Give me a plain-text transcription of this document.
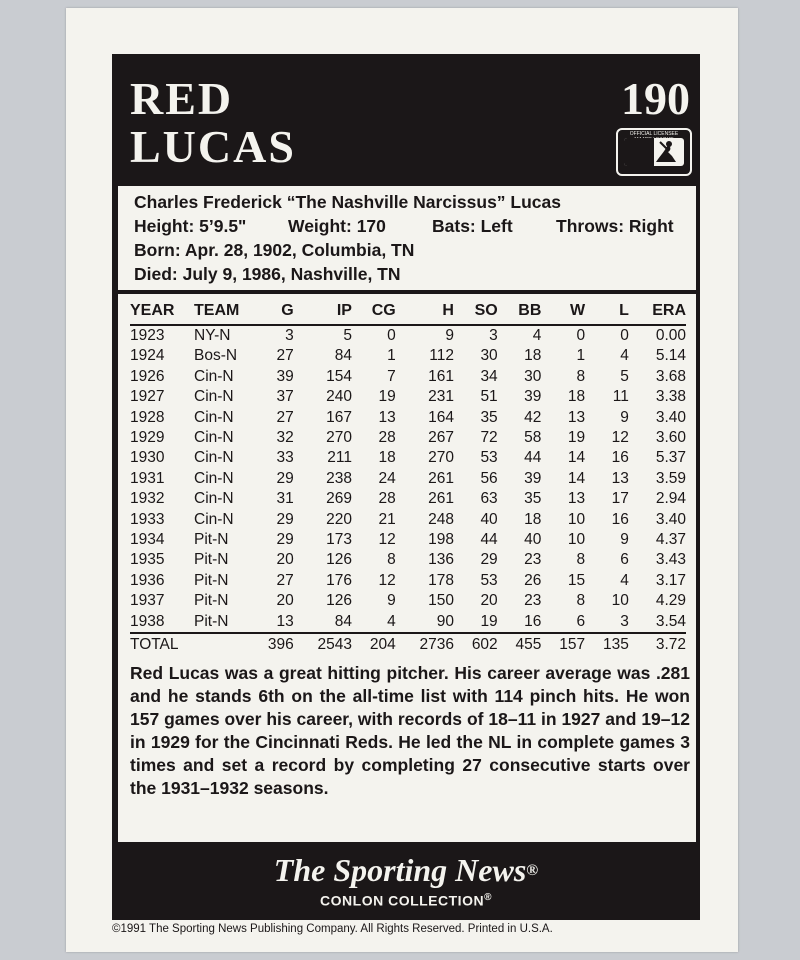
RED
LUCAS
190
OFFICIAL LICENSEE
Charles Frederick “The Nashville Narcissus” Lucas
Height: 5’9.5" Weight: 170	Bats: Left Throws: Right
Born: Apr. 28, 1902, Columbia, TN
Died: July 9, 1986, Nashville, TN
YEAR	TEAM	G	IP	CG	H	SO	BB	W	L	ERA
1923	NY-N	3	5	0	9	3	4	0	0	0.00
1924	Bos-N	27	84	1	112	30	18	1	4	5.14
1926	Cin-N	39	154	7	161	34	30	8	5	3.68
1927	Cin-N	37	240	19	231	51	39	18	11	3.38
1928	Cin-N	27	167	13	164	35	42	13	9	3.40
1929	Cin-N	32	270	28	267	72	58	19	12	3.60
1930	Cin-N	33	211	18	270	53	44	14	16	5.37
1931	Cin-N	29	238	24	261	56	39	14	13	3.59
1932	Cin-N	31	269	28	261	63	35	13	17	2.94
1933	Cin-N	29	220	21	248	40	18	10	16	3.40
1934	Pit-N	29	173	12	198	44	40	10	9	4.37
1935	Pit-N	20	126	8	136	29	23	8	6	3.43
1936	Pit-N	27	176	12	178	53	26	15	4	3.17
1937	Pit-N	20	126	9	150	20	23	8	10	4.29
1938	Pit-N	13	84	4	90	19	16	6	3	3.54
TOTAL		396	2543	204	2736	602	455	157	135	3.72
Red Lucas was a great hitting pitcher. His career average was .281 and he stands 6th on the all-time list with 114 pinch hits. He won 157 games over his career, with records of 18–11 in 1927 and 19–12 in 1929 for the Cincinnati Reds. He led the NL in complete games 3 times and set a record by completing 27 consecutive starts over the 1931–1932 seasons.
The Sporting News®
CONLON COLLECTION®
©1991 The Sporting News Publishing Company. All Rights Reserved. Printed in U.S.A.
